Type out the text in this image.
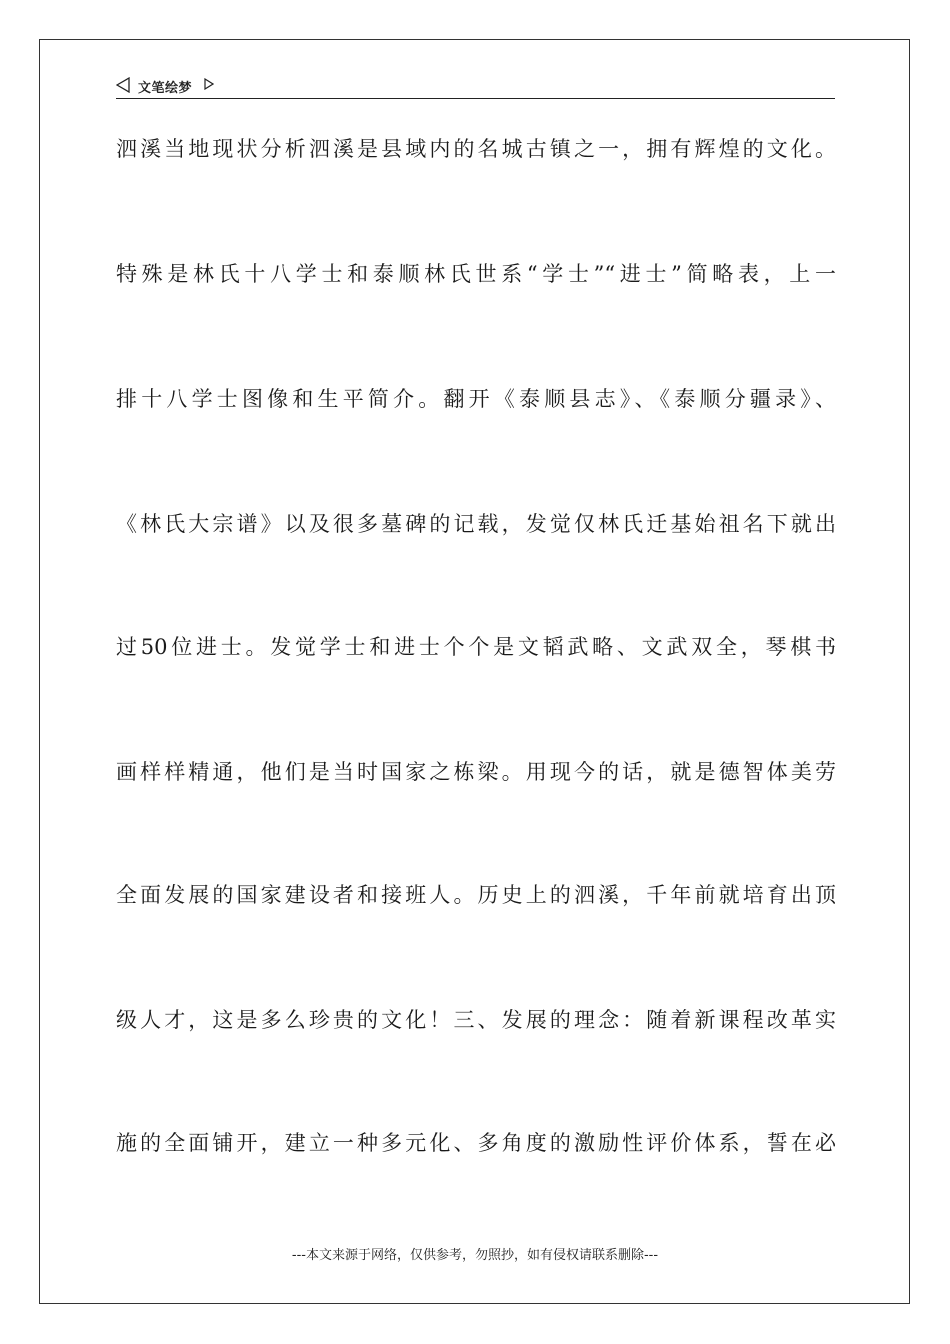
文笔绘梦
泗溪当地现状分析泗溪是县域内的名城古镇之一，拥有辉煌的文化。
特殊是林氏十八学士和泰顺林氏世系“学士”“进士”简略表，上一
排十八学士图像和生平简介。翻开《泰顺县志》、《泰顺分疆录》、
《林氏大宗谱》以及很多墓碑的记载，发觉仅林氏迁基始祖名下就出
过50位进士。发觉学士和进士个个是文韬武略、文武双全，琴棋书
画样样精通，他们是当时国家之栋梁。用现今的话，就是德智体美劳
全面发展的国家建设者和接班人。历史上的泗溪，千年前就培育出顶
级人才，这是多么珍贵的文化！三、发展的理念：随着新课程改革实
施的全面铺开，建立一种多元化、多角度的激励性评价体系，誓在必
---本文来源于网络，仅供参考，勿照抄，如有侵权请联系删除---
